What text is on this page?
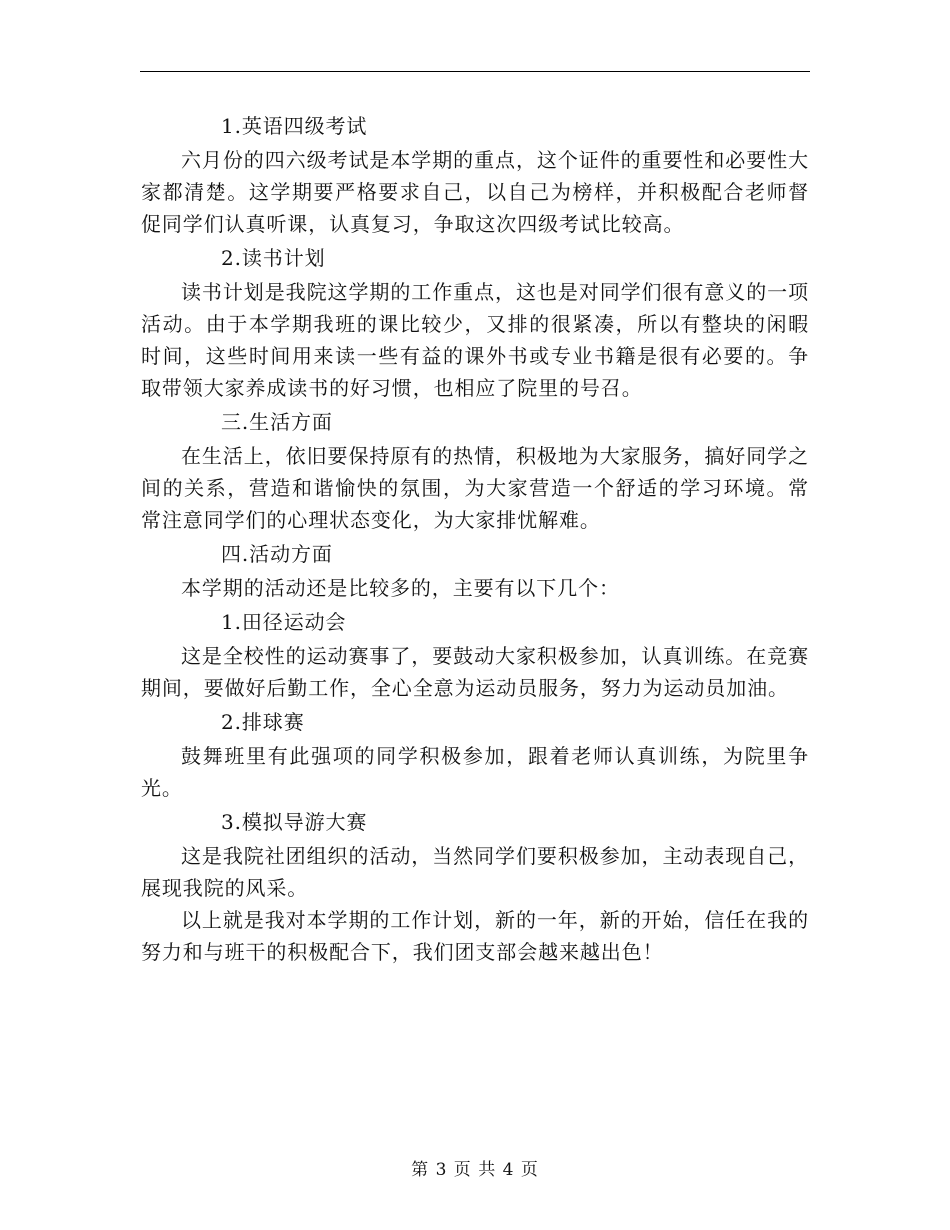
1.英语四级考试

六月份的四六级考试是本学期的重点，这个证件的重要性和必要性大家都清楚。这学期要严格要求自己，以自己为榜样，并积极配合老师督促同学们认真听课，认真复习，争取这次四级考试比较高。

2.读书计划

读书计划是我院这学期的工作重点，这也是对同学们很有意义的一项活动。由于本学期我班的课比较少，又排的很紧凑，所以有整块的闲暇时间，这些时间用来读一些有益的课外书或专业书籍是很有必要的。争取带领大家养成读书的好习惯，也相应了院里的号召。

三.生活方面

在生活上，依旧要保持原有的热情，积极地为大家服务，搞好同学之间的关系，营造和谐愉快的氛围，为大家营造一个舒适的学习环境。常常注意同学们的心理状态变化，为大家排忧解难。

四.活动方面

本学期的活动还是比较多的，主要有以下几个：

1.田径运动会

这是全校性的运动赛事了，要鼓动大家积极参加，认真训练。在竞赛期间，要做好后勤工作，全心全意为运动员服务，努力为运动员加油。

2.排球赛

鼓舞班里有此强项的同学积极参加，跟着老师认真训练，为院里争光。

3.模拟导游大赛

这是我院社团组织的活动，当然同学们要积极参加，主动表现自己，展现我院的风采。

以上就是我对本学期的工作计划，新的一年，新的开始，信任在我的努力和与班干的积极配合下，我们团支部会越来越出色！

第 3 页 共 4 页
